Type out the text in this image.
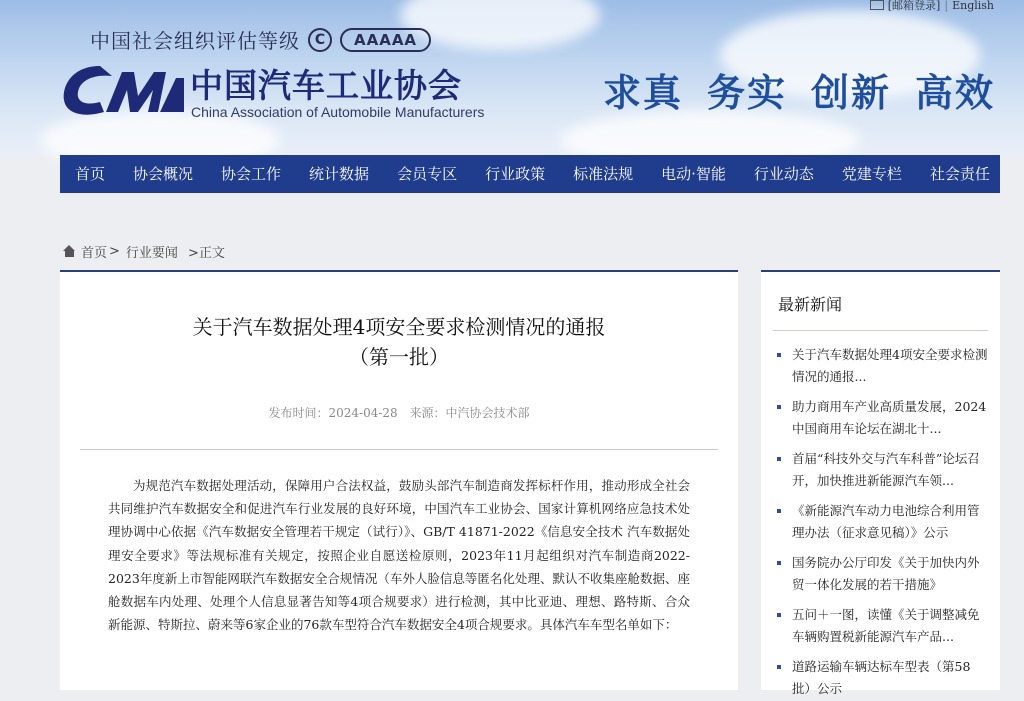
[邮箱登录] | English
中国社会组织评估等级	C	AAAAA
中国汽车工业协会
China Association of Automobile Manufacturers	求真 务实 创新 高效
首页	协会概况	协会工作	统计数据	会员专区	行业政策	标准法规	电动·智能	行业动态	党建专栏	社会责任
首页 > 行业要闻 >正文
关于汽车数据处理4项安全要求检测情况的通报
（第一批）
发布时间：2024-04-28 来源：中汽协会技术部

为规范汽车数据处理活动，保障用户合法权益，鼓励头部汽车制造商发挥标杆作用，推动形成全社会共同维护汽车数据安全和促进汽车行业发展的良好环境，中国汽车工业协会、国家计算机网络应急技术处理协调中心依据《汽车数据安全管理若干规定（试行）》、GB/T 41871-2022《信息安全技术 汽车数据处理安全要求》等法规标准有关规定，按照企业自愿送检原则，2023年11月起组织对汽车制造商2022-2023年度新上市智能网联汽车数据安全合规情况（车外人脸信息等匿名化处理、默认不收集座舱数据、座舱数据车内处理、处理个人信息显著告知等4项合规要求）进行检测，其中比亚迪、理想、路特斯、合众新能源、特斯拉、蔚来等6家企业的76款车型符合汽车数据安全4项合规要求。具体汽车车型名单如下：

最新新闻
关于汽车数据处理4项安全要求检测情况的通报...
助力商用车产业高质量发展，2024中国商用车论坛在湖北十...
首届“科技外交与汽车科普”论坛召开，加快推进新能源汽车领...
《新能源汽车动力电池综合利用管理办法（征求意见稿）》公示
国务院办公厅印发《关于加快内外贸一体化发展的若干措施》
五问＋一图，读懂《关于调整减免车辆购置税新能源汽车产品...
道路运输车辆达标车型表（第58批）公示
